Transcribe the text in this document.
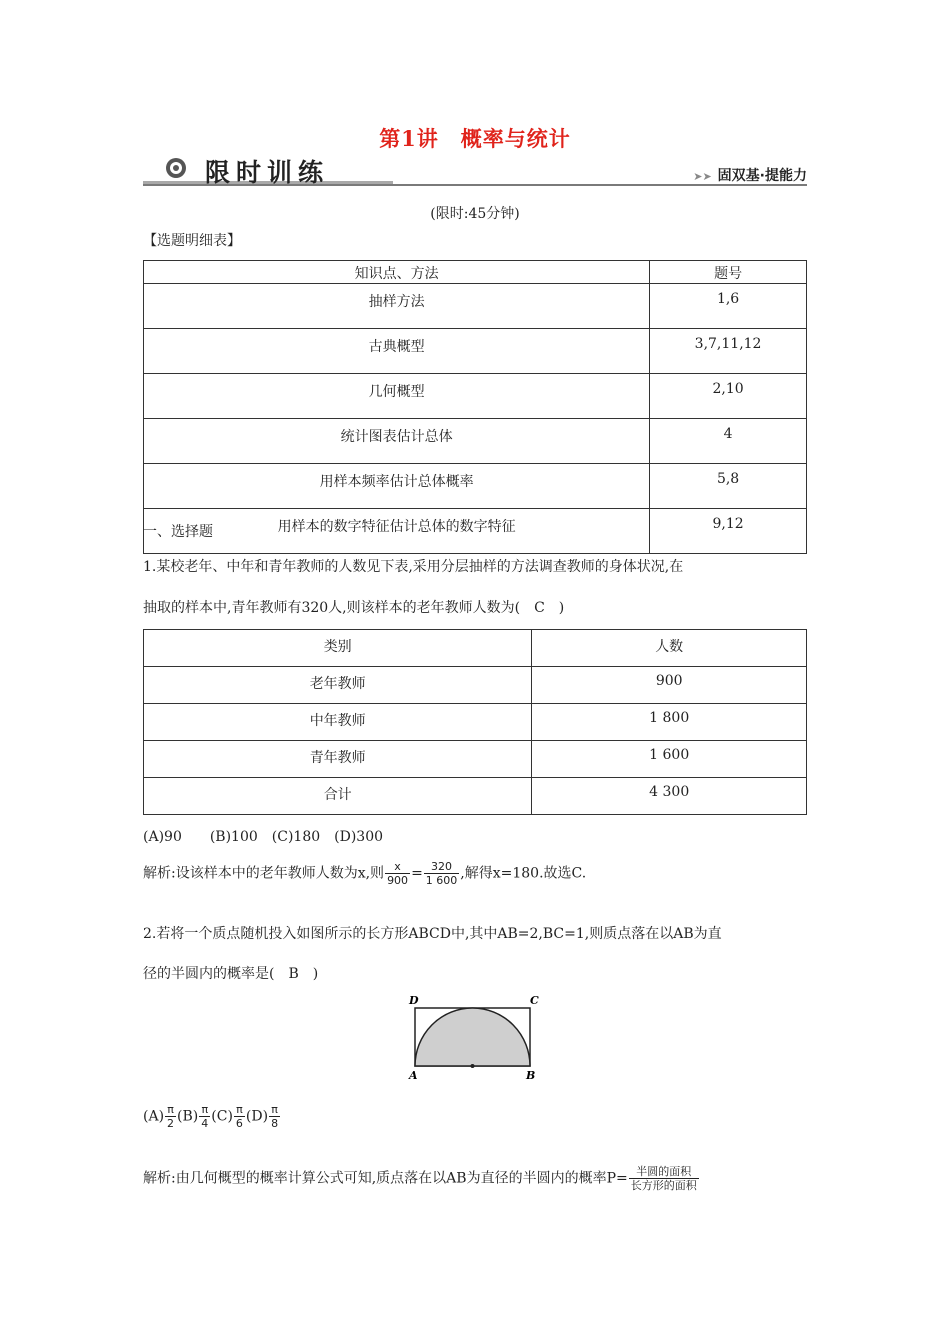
第1讲　概率与统计
限时训练	➤➤ 固双基·提能力
(限时:45分钟)
【选题明细表】
知识点、方法	题号
抽样方法	1,6
古典概型	3,7,11,12
几何概型	2,10
统计图表估计总体	4
用样本频率估计总体概率	5,8
用样本的数字特征估计总体的数字特征	9,12
一、选择题
1.某校老年、中年和青年教师的人数见下表,采用分层抽样的方法调查教师的身体状况,在
抽取的样本中,青年教师有320人,则该样本的老年教师人数为(　C　)
类别	人数
老年教师	900
中年教师	1 800
青年教师	1 600
合计	4 300
(A)90　　(B)100　(C)180　(D)300
解析:设该样本中的老年教师人数为x,则 $\frac{x}{900} = \frac{320}{1 600}$ ,解得x=180.故选C.
2.若将一个质点随机投入如图所示的长方形ABCD中,其中AB=2,BC=1,则质点落在以AB为直
径的半圆内的概率是(　B　)
D	C
A	B
$(A) \frac{\pi}{2} (B) \frac{\pi}{4} (C) \frac{\pi}{6} (D) \frac{\pi}{8}$
解析:由几何概型的概率计算公式可知,质点落在以AB为直径的半圆内的概率$P= \frac{\text{半圆的面积}}{\text{长方形的面积}}$
